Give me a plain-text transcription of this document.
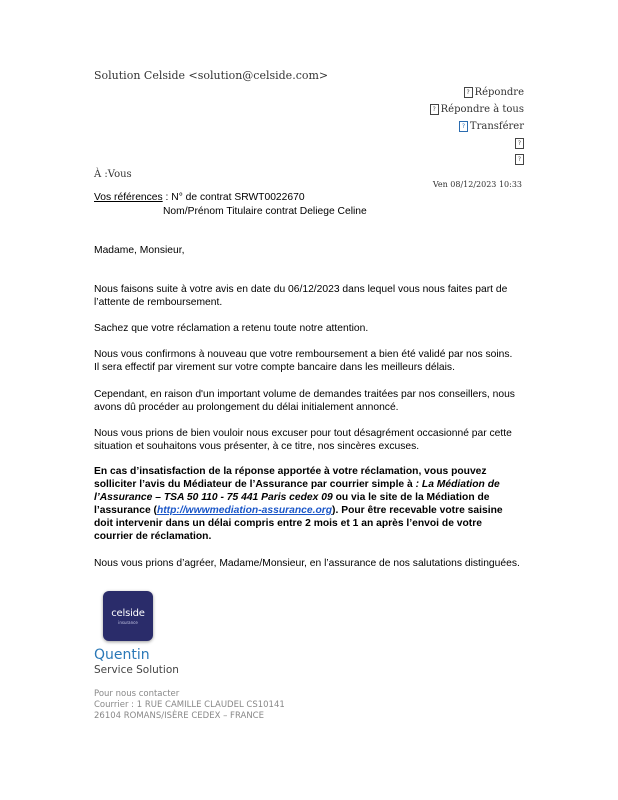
Solution Celside <solution@celside.com>
? Répondre
? Répondre à tous
? Transférer
?
?
À :Vous
Ven 08/12/2023 10:33
Vos références : N° de contrat SRWT0022670
Nom/Prénom Titulaire contrat Deliege Celine
Madame, Monsieur,
Nous faisons suite à votre avis en date du 06/12/2023 dans lequel vous nous faites part de l’attente de remboursement.
Sachez que votre réclamation a retenu toute notre attention.
Nous vous confirmons à nouveau que votre remboursement a bien été validé par nos soins.
Il sera effectif par virement sur votre compte bancaire dans les meilleurs délais.
Cependant, en raison d'un important volume de demandes traitées par nos conseillers, nous avons dû procéder au prolongement du délai initialement annoncé.
Nous vous prions de bien vouloir nous excuser pour tout désagrément occasionné par cette situation et souhaitons vous présenter, à ce titre, nos sincères excuses.
En cas d’insatisfaction de la réponse apportée à votre réclamation, vous pouvez solliciter l’avis du Médiateur de l’Assurance par courrier simple à : La Médiation de l’Assurance – TSA 50 110 - 75 441 Paris cedex 09 ou via le site de la Médiation de l’assurance (http://wwwmediation-assurance.org). Pour être recevable votre saisine doit intervenir dans un délai compris entre 2 mois et 1 an après l’envoi de votre courrier de réclamation.
Nous vous prions d’agréer, Madame/Monsieur, en l’assurance de nos salutations distinguées.
celside
insurance
Quentin
Service Solution
Pour nous contacter
Courrier : 1 RUE CAMILLE CLAUDEL CS10141
26104 ROMANS/ISÈRE CEDEX – FRANCE
